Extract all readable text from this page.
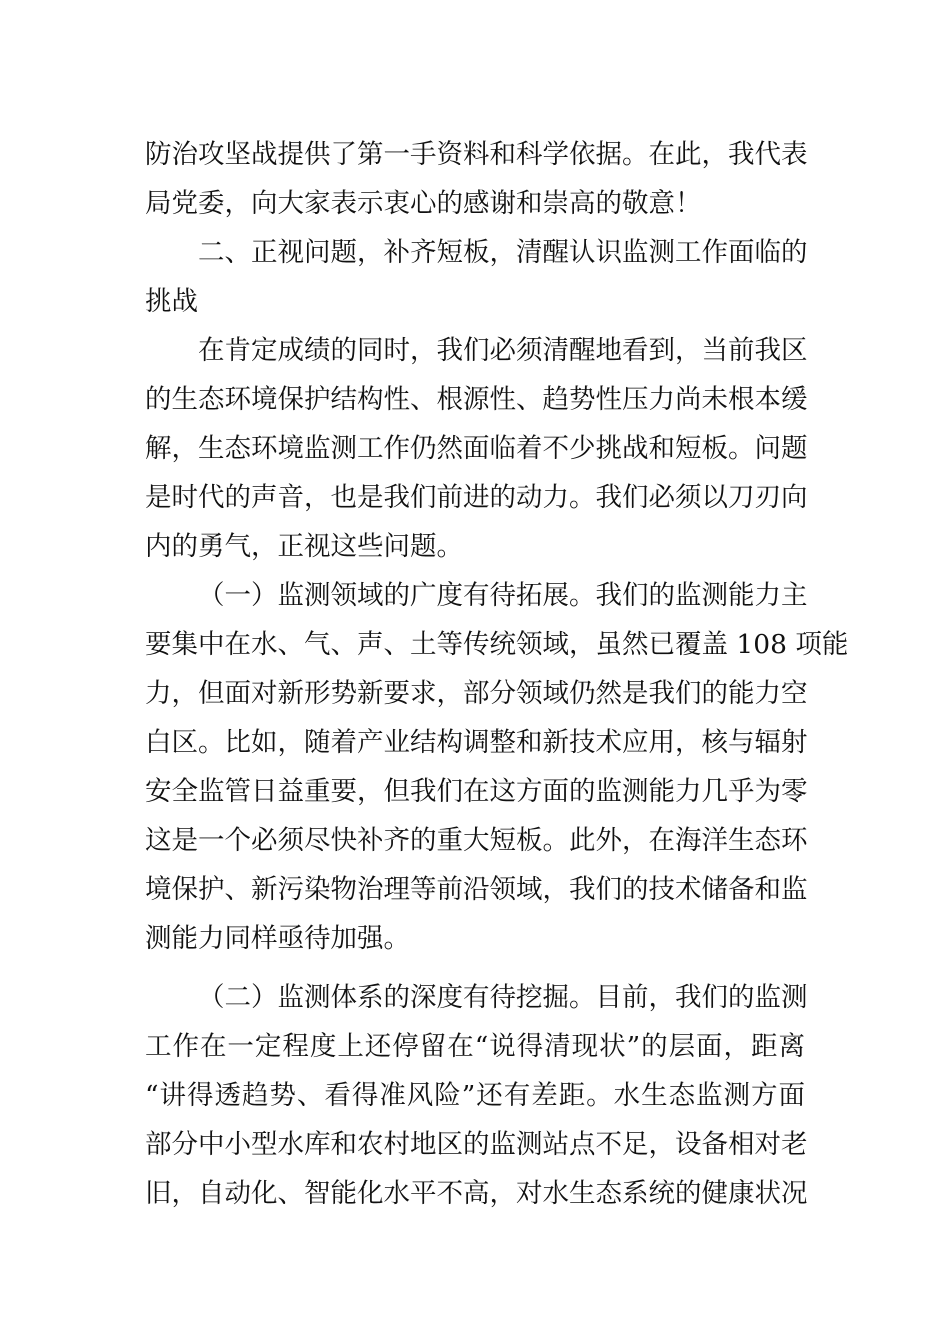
防治攻坚战提供了第一手资料和科学依据。在此，我代表
局党委，向大家表示衷心的感谢和崇高的敬意！
二、正视问题，补齐短板，清醒认识监测工作面临的
挑战
在肯定成绩的同时，我们必须清醒地看到，当前我区
的生态环境保护结构性、根源性、趋势性压力尚未根本缓
解，生态环境监测工作仍然面临着不少挑战和短板。问题
是时代的声音，也是我们前进的动力。我们必须以刀刃向
内的勇气，正视这些问题。
（一）监测领域的广度有待拓展。我们的监测能力主
要集中在水、气、声、土等传统领域，虽然已覆盖 108 项能
力，但面对新形势新要求，部分领域仍然是我们的能力空
白区。比如，随着产业结构调整和新技术应用，核与辐射
安全监管日益重要，但我们在这方面的监测能力几乎为零
这是一个必须尽快补齐的重大短板。此外，在海洋生态环
境保护、新污染物治理等前沿领域，我们的技术储备和监
测能力同样亟待加强。
（二）监测体系的深度有待挖掘。目前，我们的监测
工作在一定程度上还停留在“说得清现状”的层面，距离
“讲得透趋势、看得准风险”还有差距。水生态监测方面
部分中小型水库和农村地区的监测站点不足，设备相对老
旧，自动化、智能化水平不高，对水生态系统的健康状况
